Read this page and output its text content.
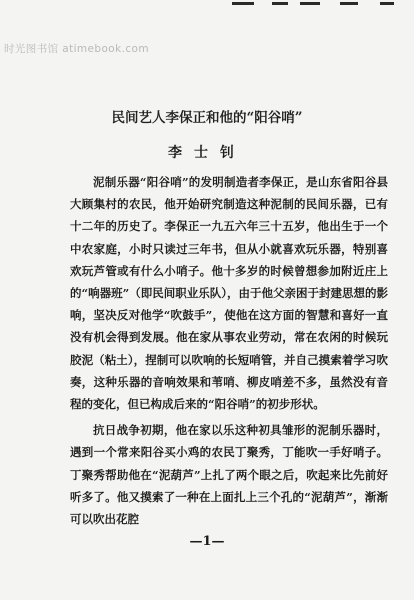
时光图书馆 atimebook.com
民间艺人李保正和他的“阳谷哨”
李士钊

泥制乐器“阳谷哨”的发明制造者李保正，是山东省阳谷县大顾集村的农民，他开始研究制造这种泥制的民间乐器，已有十二年的历史了。李保正一九五六年三十五岁，他出生于一个中农家庭，小时只读过三年书，但从小就喜欢玩乐器，特别喜欢玩芦管或有什么小哨子。他十多岁的时候曾想参加附近庄上的“响器班”（即民间职业乐队），由于他父亲困于封建思想的影响，坚决反对他学“吹鼓手”，使他在这方面的智慧和喜好一直没有机会得到发展。他在家从事农业劳动，常在农闲的时候玩胶泥（粘土），捏制可以吹响的长短哨管，并自己摸索着学习吹奏，这种乐器的音响效果和苇哨、柳皮哨差不多，虽然没有音程的变化，但已构成后来的“阳谷哨”的初步形状。

抗日战争初期，他在家以乐这种初具雏形的泥制乐器时，遇到一个常来阳谷买小鸡的农民丁聚秀，丁能吹一手好哨子。丁聚秀帮助他在“泥葫芦”上扎了两个眼之后，吹起来比先前好听多了。他又摸索了一种在上面扎上三个孔的“泥葫芦”，渐渐可以吹出花腔

—1—
